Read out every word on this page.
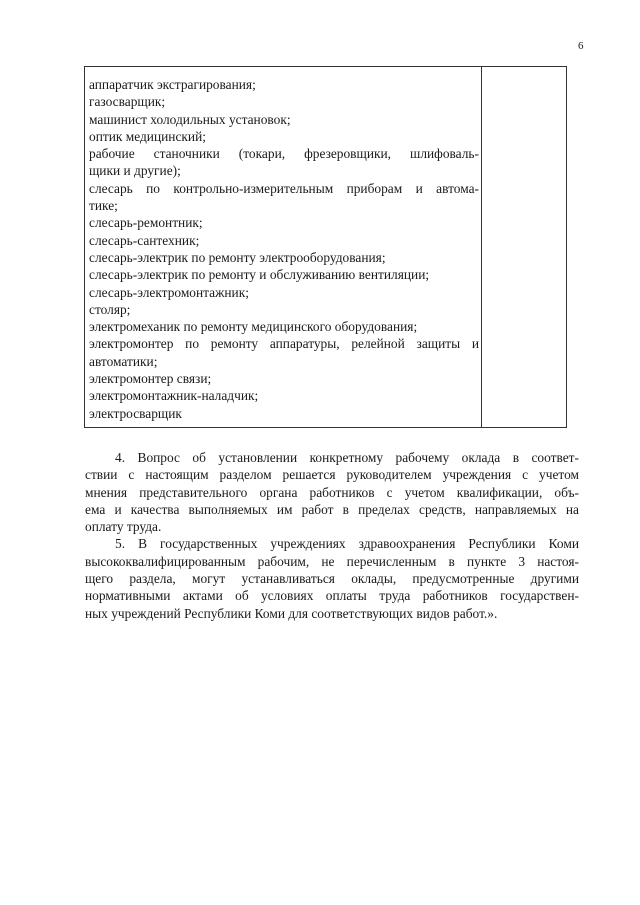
6
аппаратчик экстрагирования;
газосварщик;
машинист холодильных установок;
оптик медицинский;
рабочие станочники (токари, фрезеровщики, шлифоваль-
щики и другие);
слесарь по контрольно-измерительным приборам и автома-
тике;
слесарь-ремонтник;
слесарь-сантехник;
слесарь-электрик по ремонту электрооборудования;
слесарь-электрик по ремонту и обслуживанию вентиляции;
слесарь-электромонтажник;
столяр;
электромеханик по ремонту медицинского оборудования;
электромонтер по ремонту аппаратуры, релейной защиты и
автоматики;
электромонтер связи;
электромонтажник-наладчик;
электросварщик
4. Вопрос об установлении конкретному рабочему оклада в соответ-
ствии с настоящим разделом решается руководителем учреждения с учетом
мнения представительного органа работников с учетом квалификации, объ-
ема и качества выполняемых им работ в пределах средств, направляемых на
оплату труда.
5. В государственных учреждениях здравоохранения Республики Коми
высококвалифицированным рабочим, не перечисленным в пункте 3 настоя-
щего раздела, могут устанавливаться оклады, предусмотренные другими
нормативными актами об условиях оплаты труда работников государствен-
ных учреждений Республики Коми для соответствующих видов работ.».
